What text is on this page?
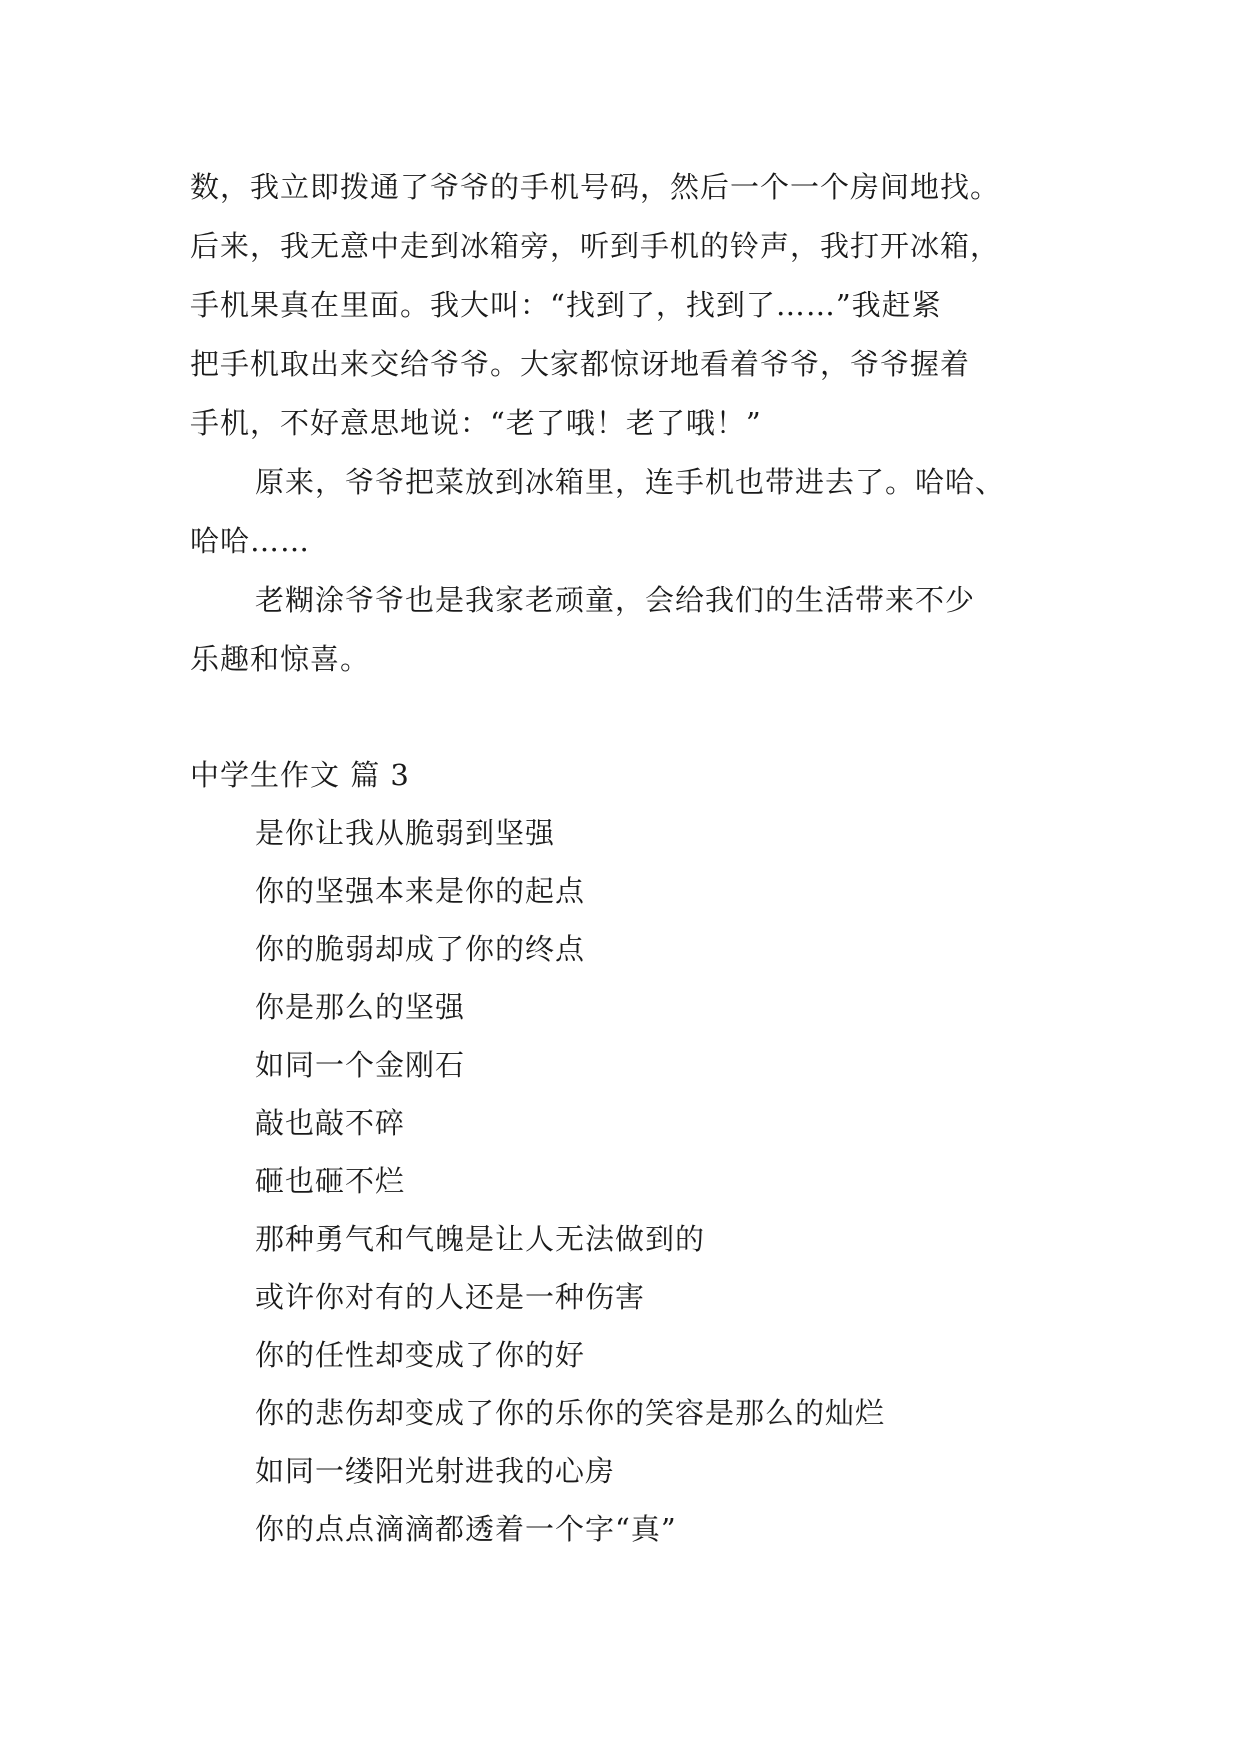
数，我立即拨通了爷爷的手机号码，然后一个一个房间地找。
后来，我无意中走到冰箱旁，听到手机的铃声，我打开冰箱，
手机果真在里面。我大叫：“找到了，找到了……”我赶紧
把手机取出来交给爷爷。大家都惊讶地看着爷爷，爷爷握着
手机，不好意思地说：“老了哦！老了哦！”
原来，爷爷把菜放到冰箱里，连手机也带进去了。哈哈、
哈哈……
老糊涂爷爷也是我家老顽童，会给我们的生活带来不少
乐趣和惊喜。
中学生作文 篇 3
是你让我从脆弱到坚强
你的坚强本来是你的起点
你的脆弱却成了你的终点
你是那么的坚强
如同一个金刚石
敲也敲不碎
砸也砸不烂
那种勇气和气魄是让人无法做到的
或许你对有的人还是一种伤害
你的任性却变成了你的好
你的悲伤却变成了你的乐你的笑容是那么的灿烂
如同一缕阳光射进我的心房
你的点点滴滴都透着一个字“真”
